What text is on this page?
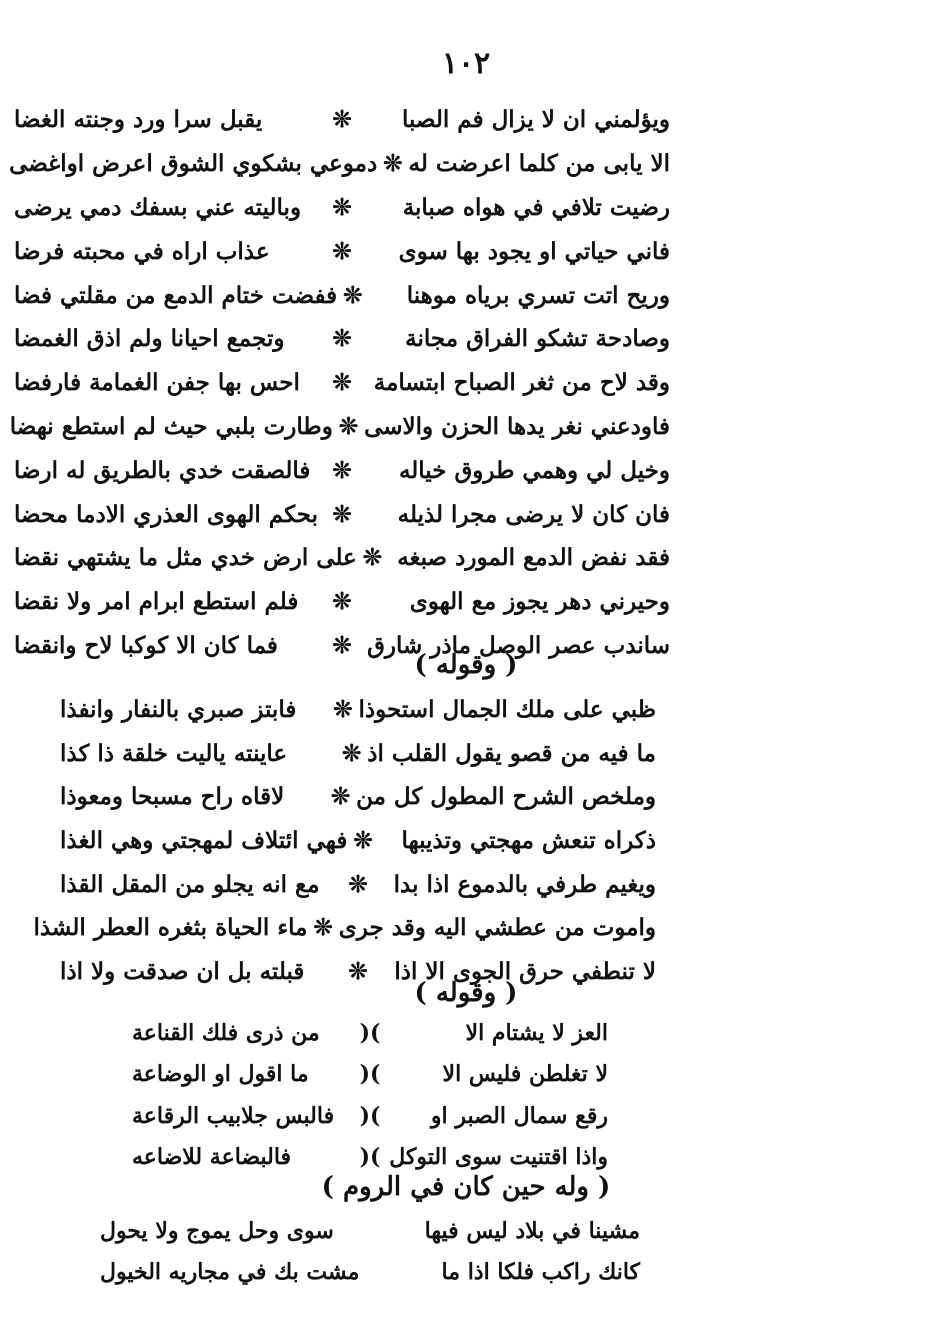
١٠٢
ويؤلمني ان لا يزال فم الصبا
❊
يقبل سرا ورد وجنته الغضا
الا يابى من كلما اعرضت له
❊
دموعي بشكوي الشوق اعرض اواغضى
رضيت تلافي في هواه صبابة
❊
وباليته عني بسفك دمي يرضى
فاني حياتي او يجود بها سوى
❊
عذاب اراه في محبته فرضا
وريح اتت تسري برياه موهنا
❊
ففضت ختام الدمع من مقلتي فضا
وصادحة تشكو الفراق مجانة
❊
وتجمع احيانا ولم اذق الغمضا
وقد لاح من ثغر الصباح ابتسامة
❊
احس بها جفن الغمامة فارفضا
فاودعني نغر يدها الحزن والاسى
❊
وطارت بلبي حيث لم استطع نهضا
وخيل لي وهمي طروق خياله
❊
فالصقت خدي بالطريق له ارضا
فان كان لا يرضى مجرا لذيله
❊
بحكم الهوى العذري الادما محضا
فقد نفض الدمع المورد صبغه
❊
على ارض خدي مثل ما يشتهي نقضا
وحيرني دهر يجوز مع الهوى
❊
فلم استطع ابرام امر ولا نقضا
ساندب عصر الوصل ماذر شارق
❊
فما كان الا كوكبا لاح وانقضا
( وقوله )
ظبي على ملك الجمال استحوذا
❊
فابتز صبري بالنفار وانفذا
ما فيه من قصو يقول القلب اذ
❊
عاينته ياليت خلقة ذا كذا
وملخص الشرح المطول كل من
❊
لاقاه راح مسبحا ومعوذا
ذكراه تنعش مهجتي وتذيبها
❊
فهي ائتلاف لمهجتي وهي الغذا
ويغيم طرفي بالدموع اذا بدا
❊
مع انه يجلو من المقل القذا
واموت من عطشي اليه وقد جرى
❊
ماء الحياة بثغره العطر الشذا
لا تنطفي حرق الجوى الا اذا
❊
قبلته بل ان صدقت ولا اذا
( وقوله )
العز لا يشتام الا
)(
من ذرى فلك القناعة
لا تغلطن فليس الا
)(
ما اقول او الوضاعة
رقع سمال الصبر او
)(
فالبس جلابيب الرقاعة
واذا اقتنيت سوى التوكل
)(
فالبضاعة للاضاعه
( وله حين كان في الروم )
مشينا في بلاد ليس فيها
سوى وحل يموج ولا يحول
كانك راكب فلكا اذا ما
مشت بك في مجاريه الخيول
